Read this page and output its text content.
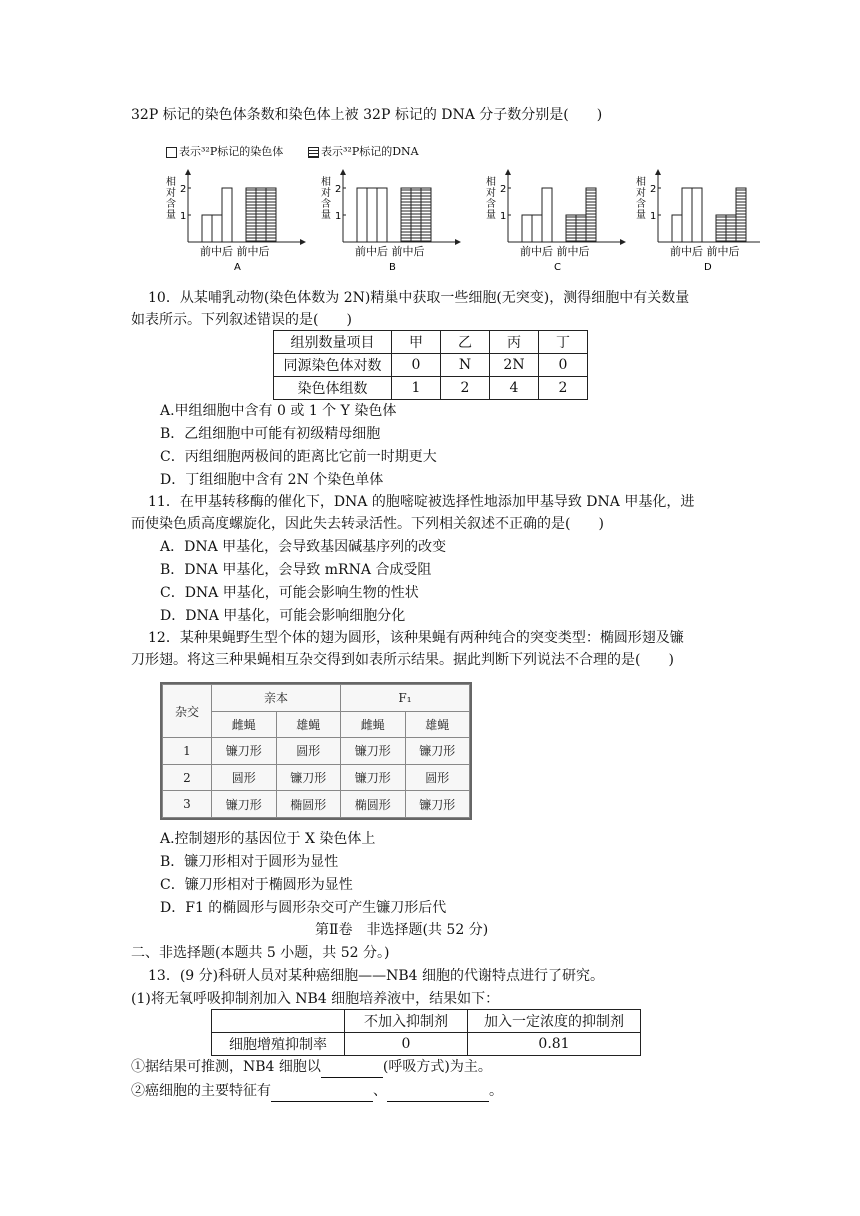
32P 标记的染色体条数和染色体上被 32P 标记的 DNA 分子数分别是(　　)
表示³²P标记的染色体	表示³²P标记的DNA
相
对
含
量 1
2
前中后 前中后
A
相
对
含
量 1
2
前中后 前中后
B
相
对
含
量 1
2
前中后 前中后
C
相
对
含
量 1
2
前中后 前中后
D
10．从某哺乳动物(染色体数为 2N)精巢中获取一些细胞(无突变)，测得细胞中有关数量
如表所示。下列叙述错误的是(　　)
组别数量项目	甲	乙	丙	丁
同源染色体对数	0	N	2N	0
染色体组数	1	2	4	2
A.甲组细胞中含有 0 或 1 个 Y 染色体
B．乙组细胞中可能有初级精母细胞
C．丙组细胞两极间的距离比它前一时期更大
D．丁组细胞中含有 2N 个染色单体
11．在甲基转移酶的催化下，DNA 的胞嘧啶被选择性地添加甲基导致 DNA 甲基化，进
而使染色质高度螺旋化，因此失去转录活性。下列相关叙述不正确的是(　　)
A．DNA 甲基化，会导致基因碱基序列的改变
B．DNA 甲基化，会导致 mRNA 合成受阻
C．DNA 甲基化，可能会影响生物的性状
D．DNA 甲基化，可能会影响细胞分化
12．某种果蝇野生型个体的翅为圆形，该种果蝇有两种纯合的突变类型：椭圆形翅及镰
刀形翅。将这三种果蝇相互杂交得到如表所示结果。据此判断下列说法不合理的是(　　)
杂交	亲本		F₁	
	雌蝇	雄蝇	雌蝇	雄蝇
1	镰刀形	圆形	镰刀形	镰刀形
2	圆形	镰刀形	镰刀形	圆形
3	镰刀形	椭圆形	椭圆形	镰刀形
A.控制翅形的基因位于 X 染色体上
B．镰刀形相对于圆形为显性
C．镰刀形相对于椭圆形为显性
D．F1 的椭圆形与圆形杂交可产生镰刀形后代
第Ⅱ卷　非选择题(共 52 分)
二、非选择题(本题共 5 小题，共 52 分。)
13．(9 分)科研人员对某种癌细胞——NB4 细胞的代谢特点进行了研究。
(1)将无氧呼吸抑制剂加入 NB4 细胞培养液中，结果如下：
	不加入抑制剂	加入一定浓度的抑制剂
细胞增殖抑制率	0	0.81
①据结果可推测，NB4 细胞以	(呼吸方式)为主。
②癌细胞的主要特征有	、	。
